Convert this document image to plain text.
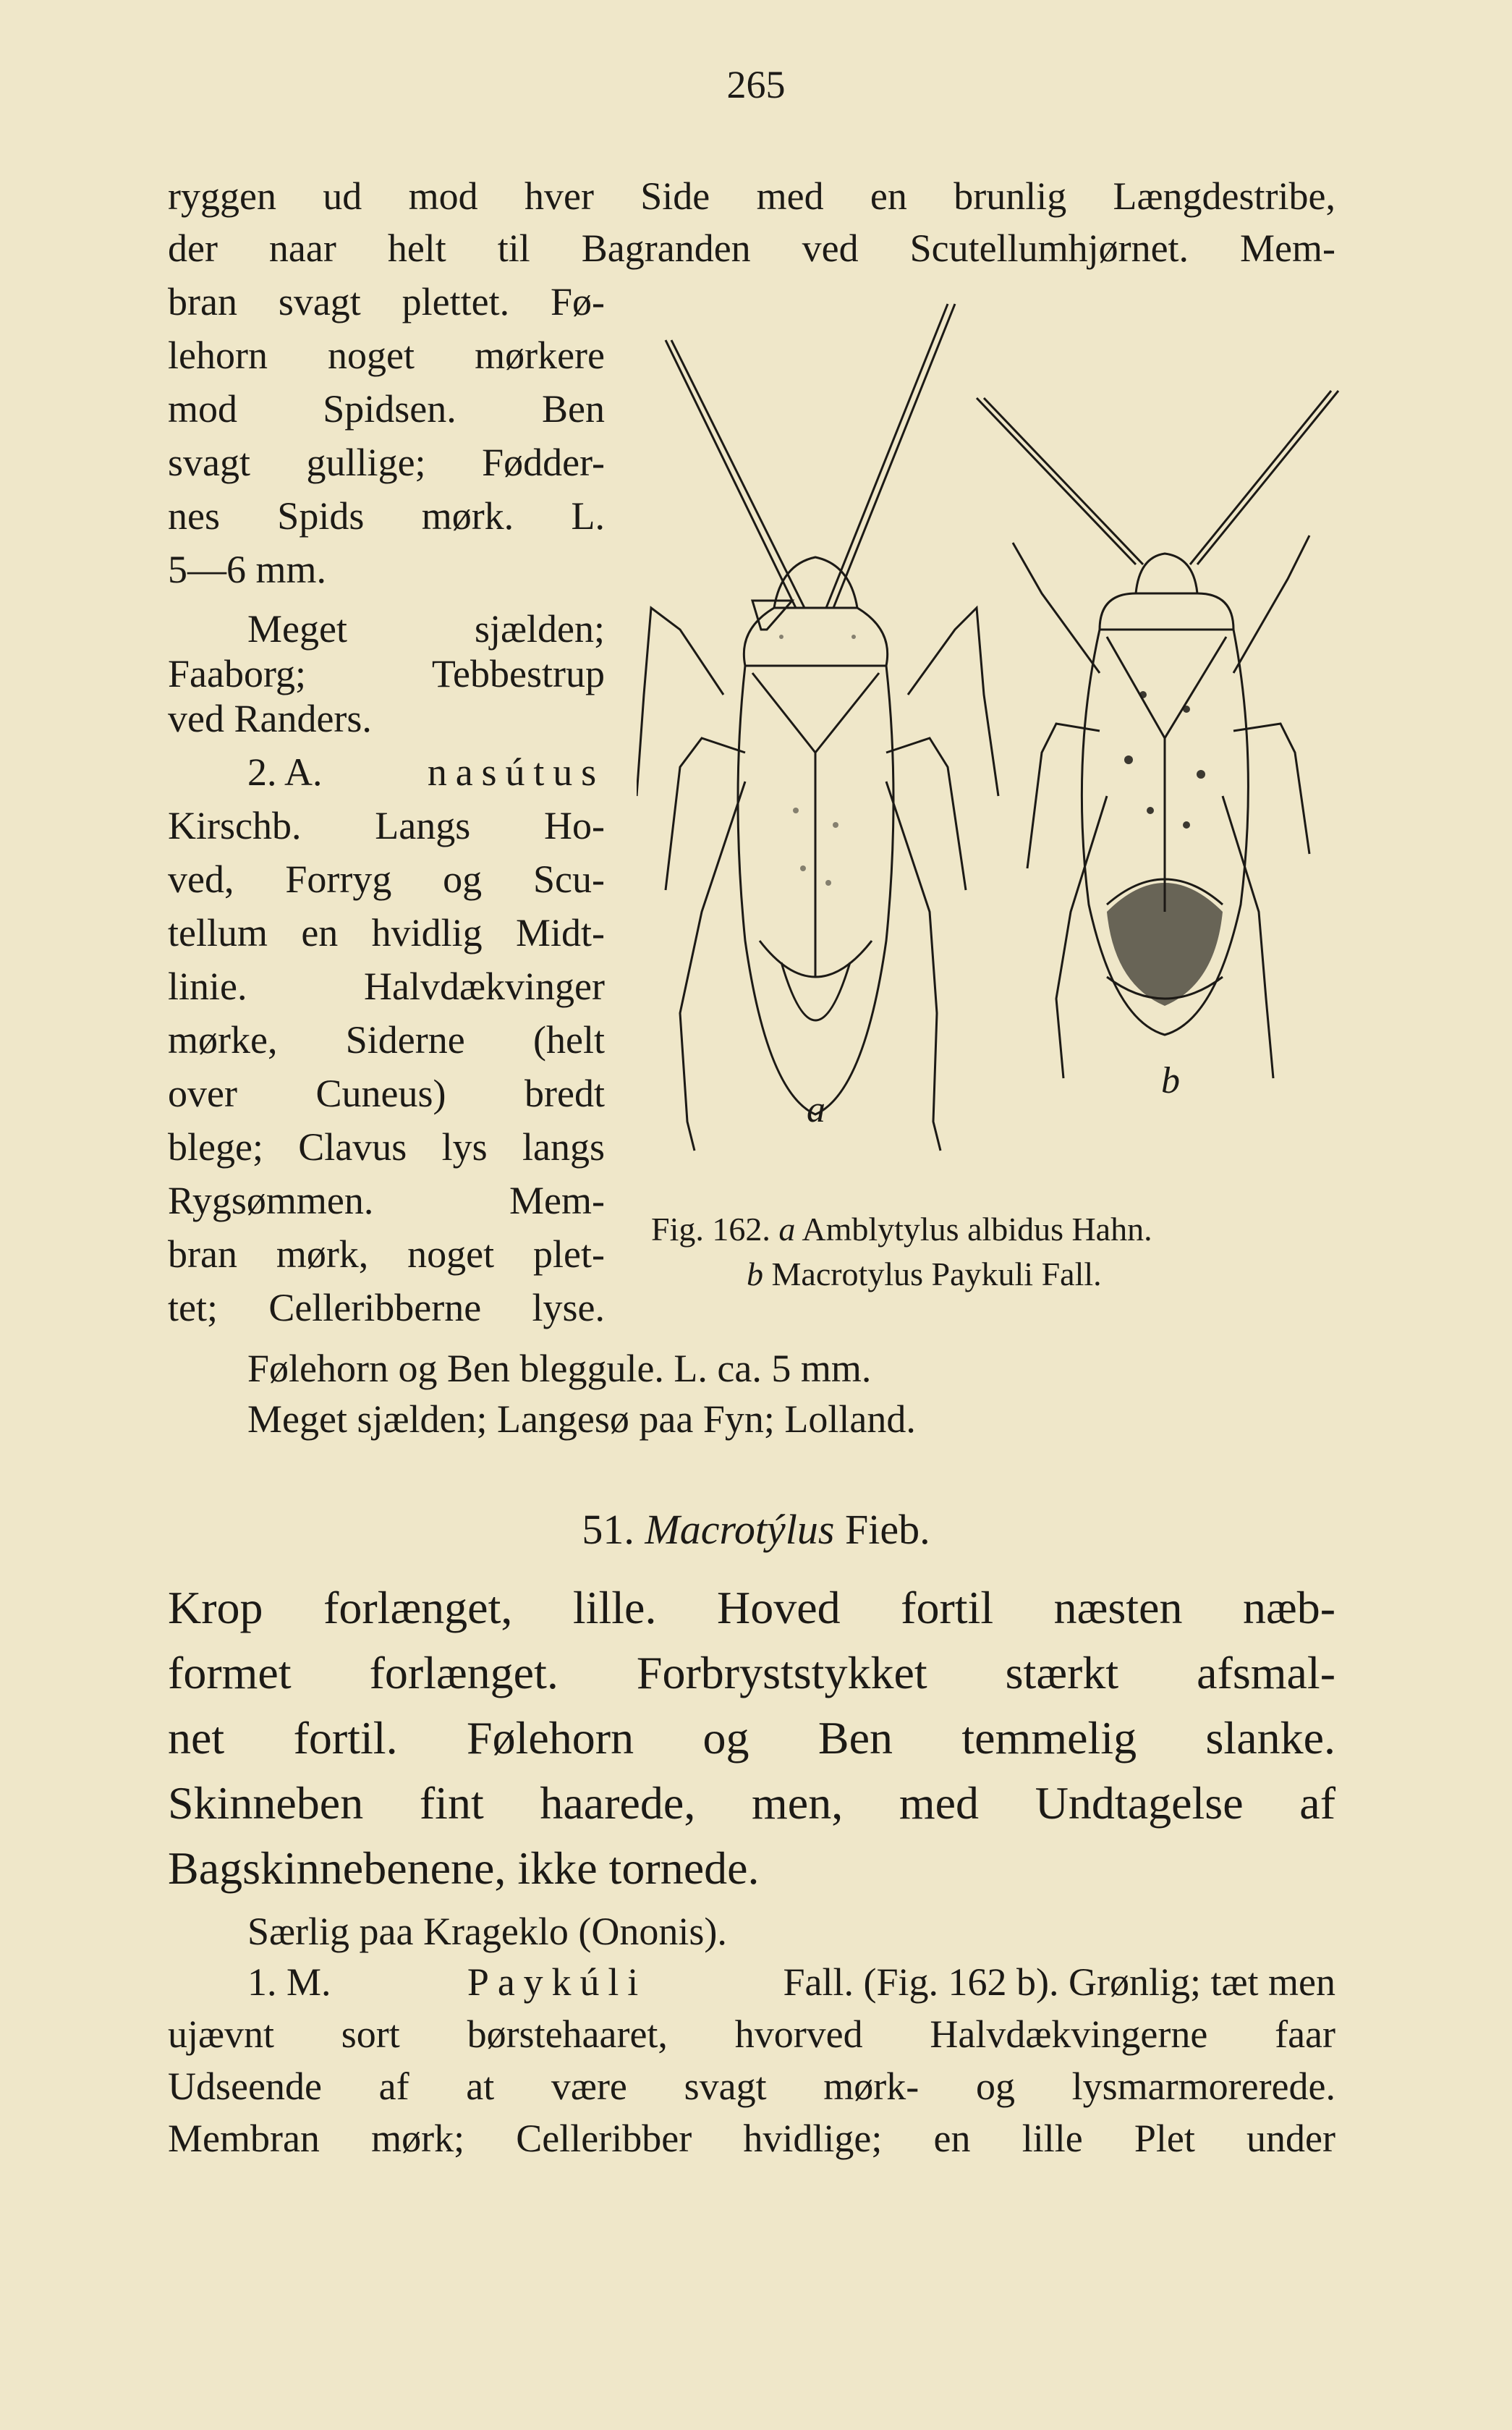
265
ryggen ud mod hver Side med en brunlig Længdestribe,
der naar helt til Bagranden ved Scutellumhjørnet. Mem-
bran svagt plettet. Fø-
lehorn noget mørkere
mod Spidsen. Ben
svagt gullige; Fødder-
nes Spids mørk. L.
5—6 mm.
Meget sjælden;
Faaborg; Tebbestrup
ved Randers.
2. A.	nasútus
Kirschb. Langs Ho-
ved, Forryg og Scu-
tellum en hvidlig Midt-
linie. Halvdækvinger
mørke, Siderne (helt
over Cuneus) bredt
blege; Clavus lys langs
Rygsømmen. Mem-
bran mørk, noget plet-
tet; Celleribberne lyse.
Følehorn og Ben bleggule. L. ca. 5 mm.
Meget sjælden; Langesø paa Fyn; Lolland.
a
b
Fig. 162. a Amblytylus albidus Hahn.
b Macrotylus Paykuli Fall.
51. Macrotýlus Fieb.
Krop forlænget, lille. Hoved fortil næsten næb-
formet forlænget. Forbryststykket stærkt afsmal-
net fortil. Følehorn og Ben temmelig slanke.
Skinneben fint haarede, men, med Undtagelse af
Bagskinnebenene, ikke tornede.
Særlig paa Krageklo (Ononis).
1. M.	Paykúli	Fall. (Fig. 162 b). Grønlig; tæt men
ujævnt sort børstehaaret, hvorved Halvdækvingerne faar
Udseende af at være svagt mørk- og lysmarmorerede.
Membran mørk; Celleribber hvidlige; en lille Plet under
